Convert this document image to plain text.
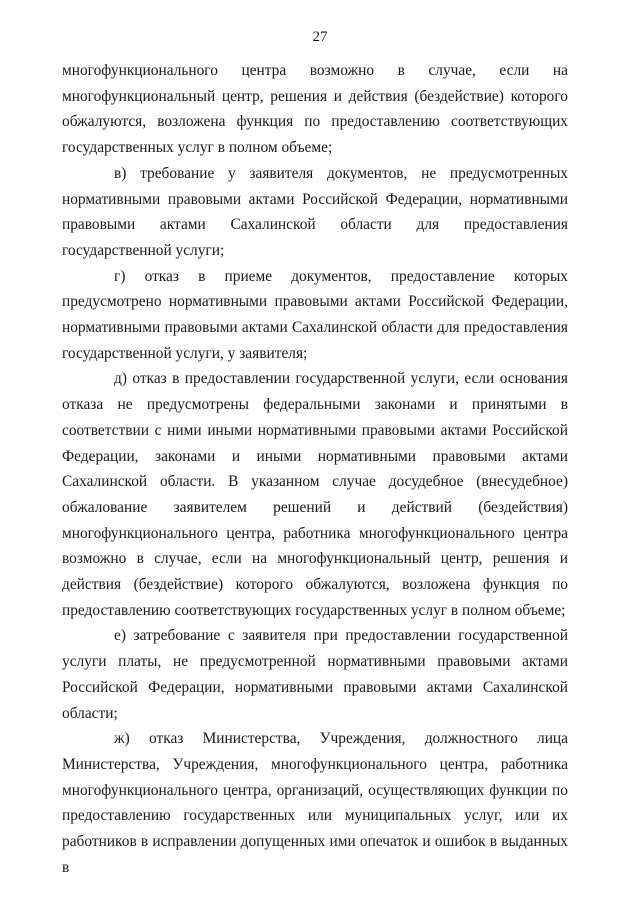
27

многофункционального центра возможно в случае, если на многофункциональный центр, решения и действия (бездействие) которого обжалуются, возложена функция по предоставлению соответствующих государственных услуг в полном объеме;

в) требование у заявителя документов, не предусмотренных нормативными правовыми актами Российской Федерации, нормативными правовыми актами Сахалинской области для предоставления государственной услуги;

г) отказ в приеме документов, предоставление которых предусмотрено нормативными правовыми актами Российской Федерации, нормативными правовыми актами Сахалинской области для предоставления государственной услуги, у заявителя;

д) отказ в предоставлении государственной услуги, если основания отказа не предусмотрены федеральными законами и принятыми в соответствии с ними иными нормативными правовыми актами Российской Федерации, законами и иными нормативными правовыми актами Сахалинской области. В указанном случае досудебное (внесудебное) обжалование заявителем решений и действий (бездействия) многофункционального центра, работника многофункционального центра возможно в случае, если на многофункциональный центр, решения и действия (бездействие) которого обжалуются, возложена функция по предоставлению соответствующих государственных услуг в полном объеме;

е) затребование с заявителя при предоставлении государственной услуги платы, не предусмотренной нормативными правовыми актами Российской Федерации, нормативными правовыми актами Сахалинской области;

ж) отказ Министерства, Учреждения, должностного лица Министерства, Учреждения, многофункционального центра, работника многофункционального центра, организаций, осуществляющих функции по предоставлению государственных или муниципальных услуг, или их работников в исправлении допущенных ими опечаток и ошибок в выданных в
